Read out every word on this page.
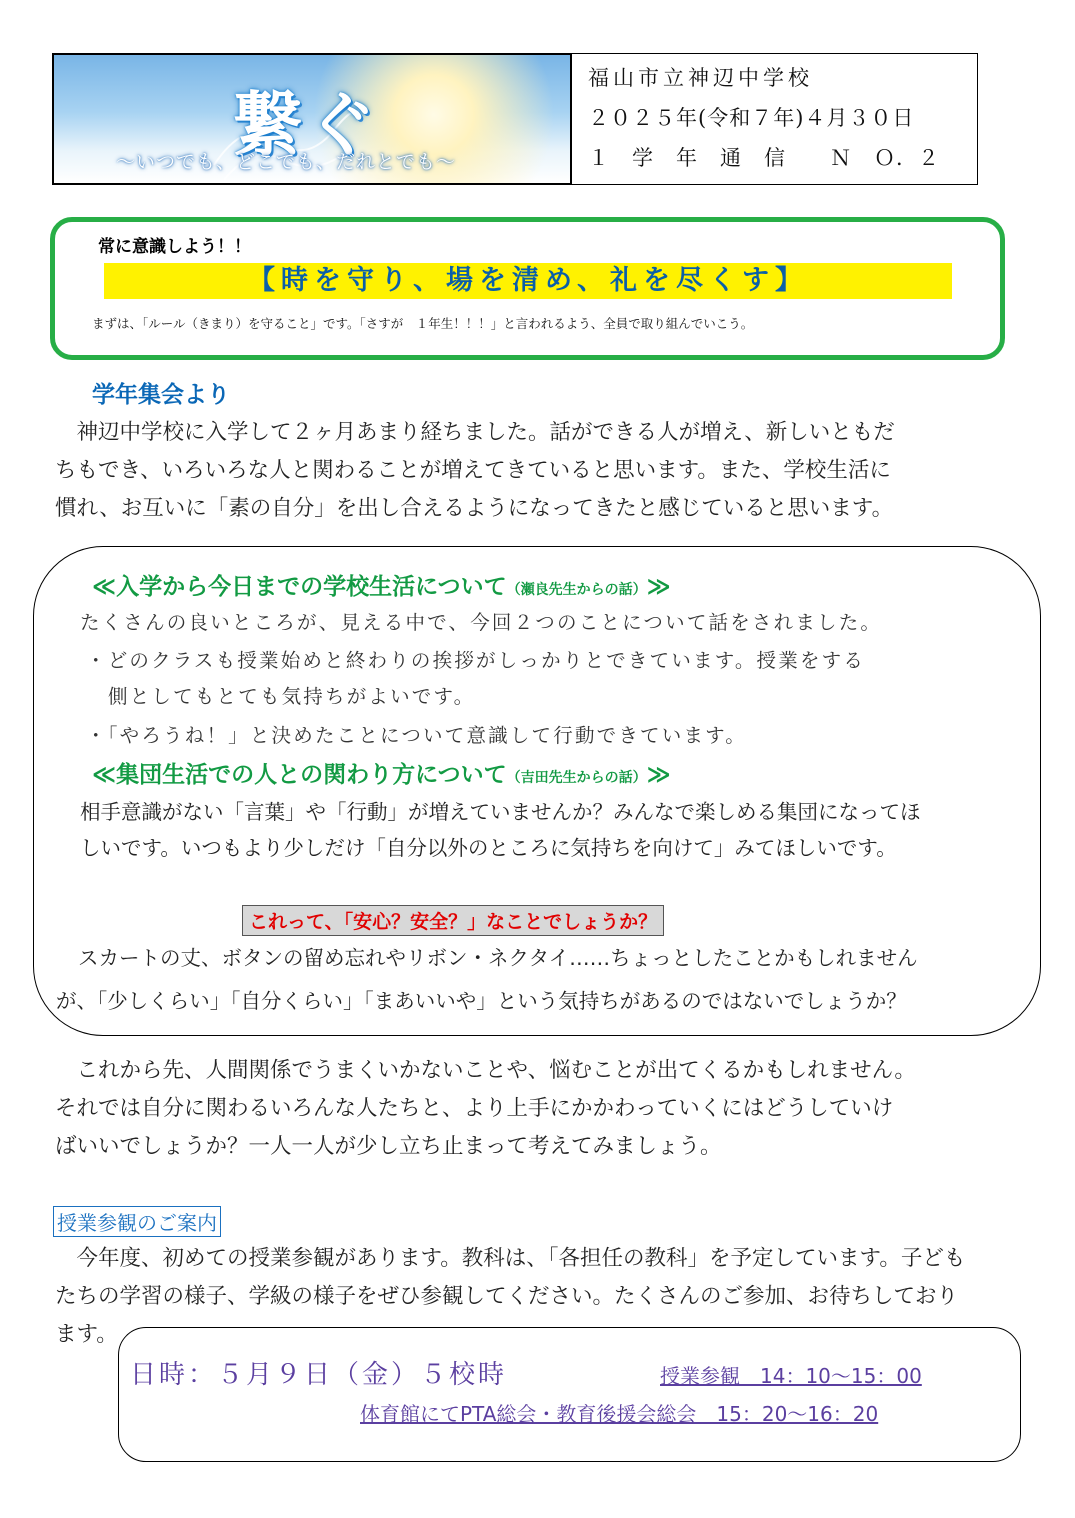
繋ぐ
〜いつでも、どこでも、だれとでも〜
福山市立神辺中学校
２０２５年(令和７年)４月３０日
１　学　年　通　信　　Ｎ　Ｏ．２
常に意識しよう！！
【時を守り、場を清め、礼を尽くす】
まずは、「ルール（きまり）を守ること」です。「さすが　１年生！！！」と言われるよう、全員で取り組んでいこう。
学年集会より
　神辺中学校に入学して２ヶ月あまり経ちました。話ができる人が増え、新しいともだ
ちもでき、いろいろな人と関わることが増えてきていると思います。また、学校生活に
慣れ、お互いに「素の自分」を出し合えるようになってきたと感じていると思います。
≪入学から今日までの学校生活について（瀬良先生からの話）≫
たくさんの良いところが、見える中で、今回２つのことについて話をされました。
・どのクラスも授業始めと終わりの挨拶がしっかりとできています。授業をする
側としてもとても気持ちがよいです。
・「やろうね！」と決めたことについて意識して行動できています。
≪集団生活での人との関わり方について（吉田先生からの話）≫
相手意識がない「言葉」や「行動」が増えていませんか？みんなで楽しめる集団になってほ
しいです。いつもより少しだけ「自分以外のところに気持ちを向けて」みてほしいです。
これって、「安心？安全？」なことでしょうか？
スカートの丈、ボタンの留め忘れやリボン・ネクタイ……ちょっとしたことかもしれません
が、「少しくらい」「自分くらい」「まあいいや」という気持ちがあるのではないでしょうか？
　これから先、人間関係でうまくいかないことや、悩むことが出てくるかもしれません。
それでは自分に関わるいろんな人たちと、より上手にかかわっていくにはどうしていけ
ばいいでしょうか？一人一人が少し立ち止まって考えてみましょう。
授業参観のご案内
　今年度、初めての授業参観があります。教科は、「各担任の教科」を予定しています。子ども
たちの学習の様子、学級の様子をぜひ参観してください。たくさんのご参加、お待ちしており
ます。
日時：５月９日（金）５校時	授業参観　14：10〜15：00
体育館にてPTA総会・教育後援会総会　15：20〜16：20
